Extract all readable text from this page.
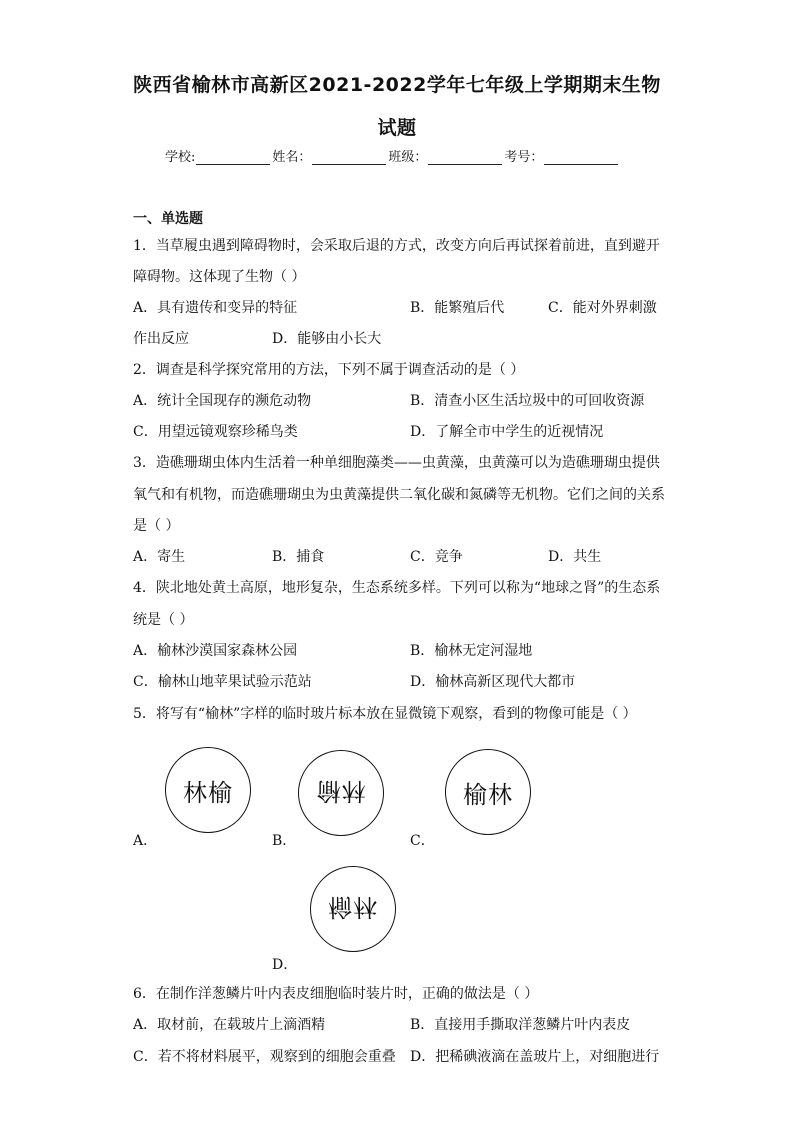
陕西省榆林市高新区2021-2022学年七年级上学期期末生物
试题
学校:	姓名：	班级：	考号：
一、单选题
1．当草履虫遇到障碍物时，会采取后退的方式，改变方向后再试探着前进，直到避开
障碍物。这体现了生物（ ）
A．具有遗传和变异的特征	B．能繁殖后代	C．能对外界刺激
作出反应	D．能够由小长大
2．调查是科学探究常用的方法，下列不属于调查活动的是（ ）
A．统计全国现存的濒危动物	B．清查小区生活垃圾中的可回收资源
C．用望远镜观察珍稀鸟类	D．了解全市中学生的近视情况
3．造礁珊瑚虫体内生活着一种单细胞藻类——虫黄藻，虫黄藻可以为造礁珊瑚虫提供
氧气和有机物，而造礁珊瑚虫为虫黄藻提供二氧化碳和氮磷等无机物。它们之间的关系
是（ ）
A．寄生	B．捕食	C．竞争	D．共生
4．陕北地处黄土高原，地形复杂，生态系统多样。下列可以称为“地球之肾”的生态系
统是（ ）
A．榆林沙漠国家森林公园	B．榆林无定河湿地
C．榆林山地苹果试验示范站	D．榆林高新区现代大都市
5．将写有“榆林”字样的临时玻片标本放在显微镜下观察，看到的物像可能是（ ）
林榆
A．
林榆
B．
榆林
C．
榆林
D．
6．在制作洋葱鳞片叶内表皮细胞临时装片时，正确的做法是（ ）
A．取材前，在载玻片上滴酒精	B．直接用手撕取洋葱鳞片叶内表皮
C．若不将材料展平，观察到的细胞会重叠 D．把稀碘液滴在盖玻片上，对细胞进行
